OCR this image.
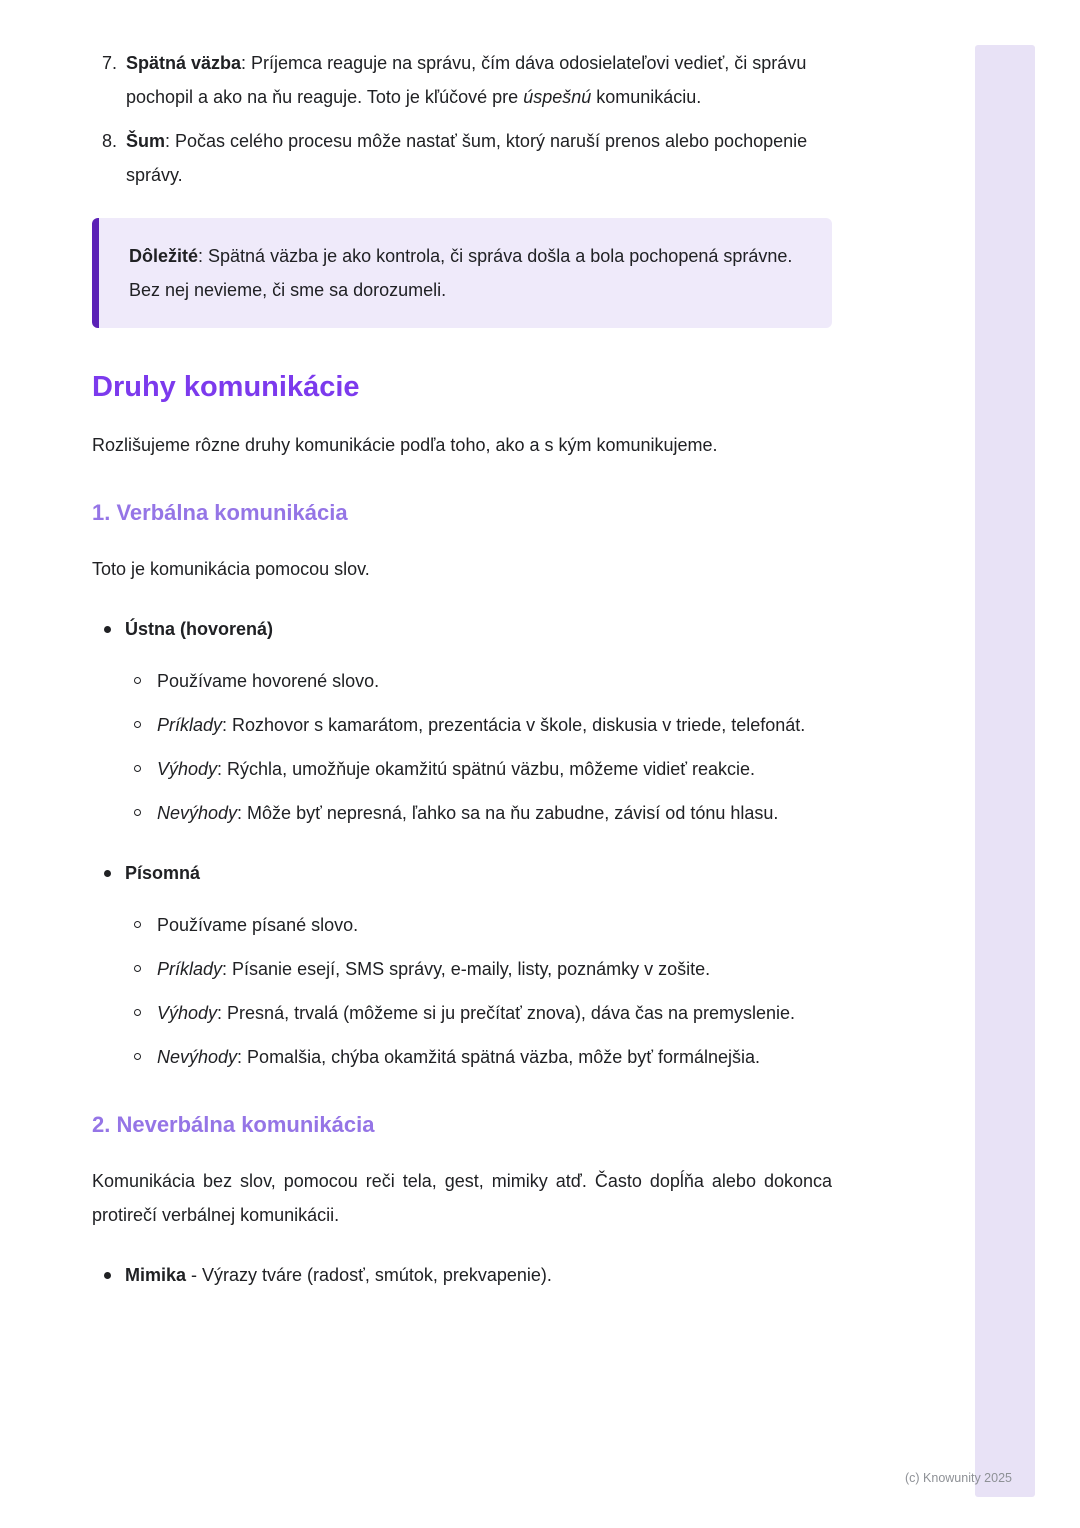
7. Spätná väzba: Príjemca reaguje na správu, čím dáva odosielateľovi vedieť, či správu pochopil a ako na ňu reaguje. Toto je kľúčové pre úspešnú komunikáciu.
8. Šum: Počas celého procesu môže nastať šum, ktorý naruší prenos alebo pochopenie správy.

Dôležité: Spätná väzba je ako kontrola, či správa došla a bola pochopená správne. Bez nej nevieme, či sme sa dorozumeli.

Druhy komunikácie

Rozlišujeme rôzne druhy komunikácie podľa toho, ako a s kým komunikujeme.

1. Verbálna komunikácia

Toto je komunikácia pomocou slov.

Ústna (hovorená)
Používame hovorené slovo.
Príklady: Rozhovor s kamarátom, prezentácia v škole, diskusia v triede, telefonát.
Výhody: Rýchla, umožňuje okamžitú spätnú väzbu, môžeme vidieť reakcie.
Nevýhody: Môže byť nepresná, ľahko sa na ňu zabudne, závisí od tónu hlasu.
Písomná
Používame písané slovo.
Príklady: Písanie esejí, SMS správy, e-maily, listy, poznámky v zošite.
Výhody: Presná, trvalá (môžeme si ju prečítať znova), dáva čas na premyslenie.
Nevýhody: Pomalšia, chýba okamžitá spätná väzba, môže byť formálnejšia.
2. Neverbálna komunikácia

Komunikácia bez slov, pomocou reči tela, gest, mimiky atď. Často dopĺňa alebo dokonca protirečí verbálnej komunikácii.

Mimika - Výrazy tváre (radosť, smútok, prekvapenie).
(c) Knowunity 2025
